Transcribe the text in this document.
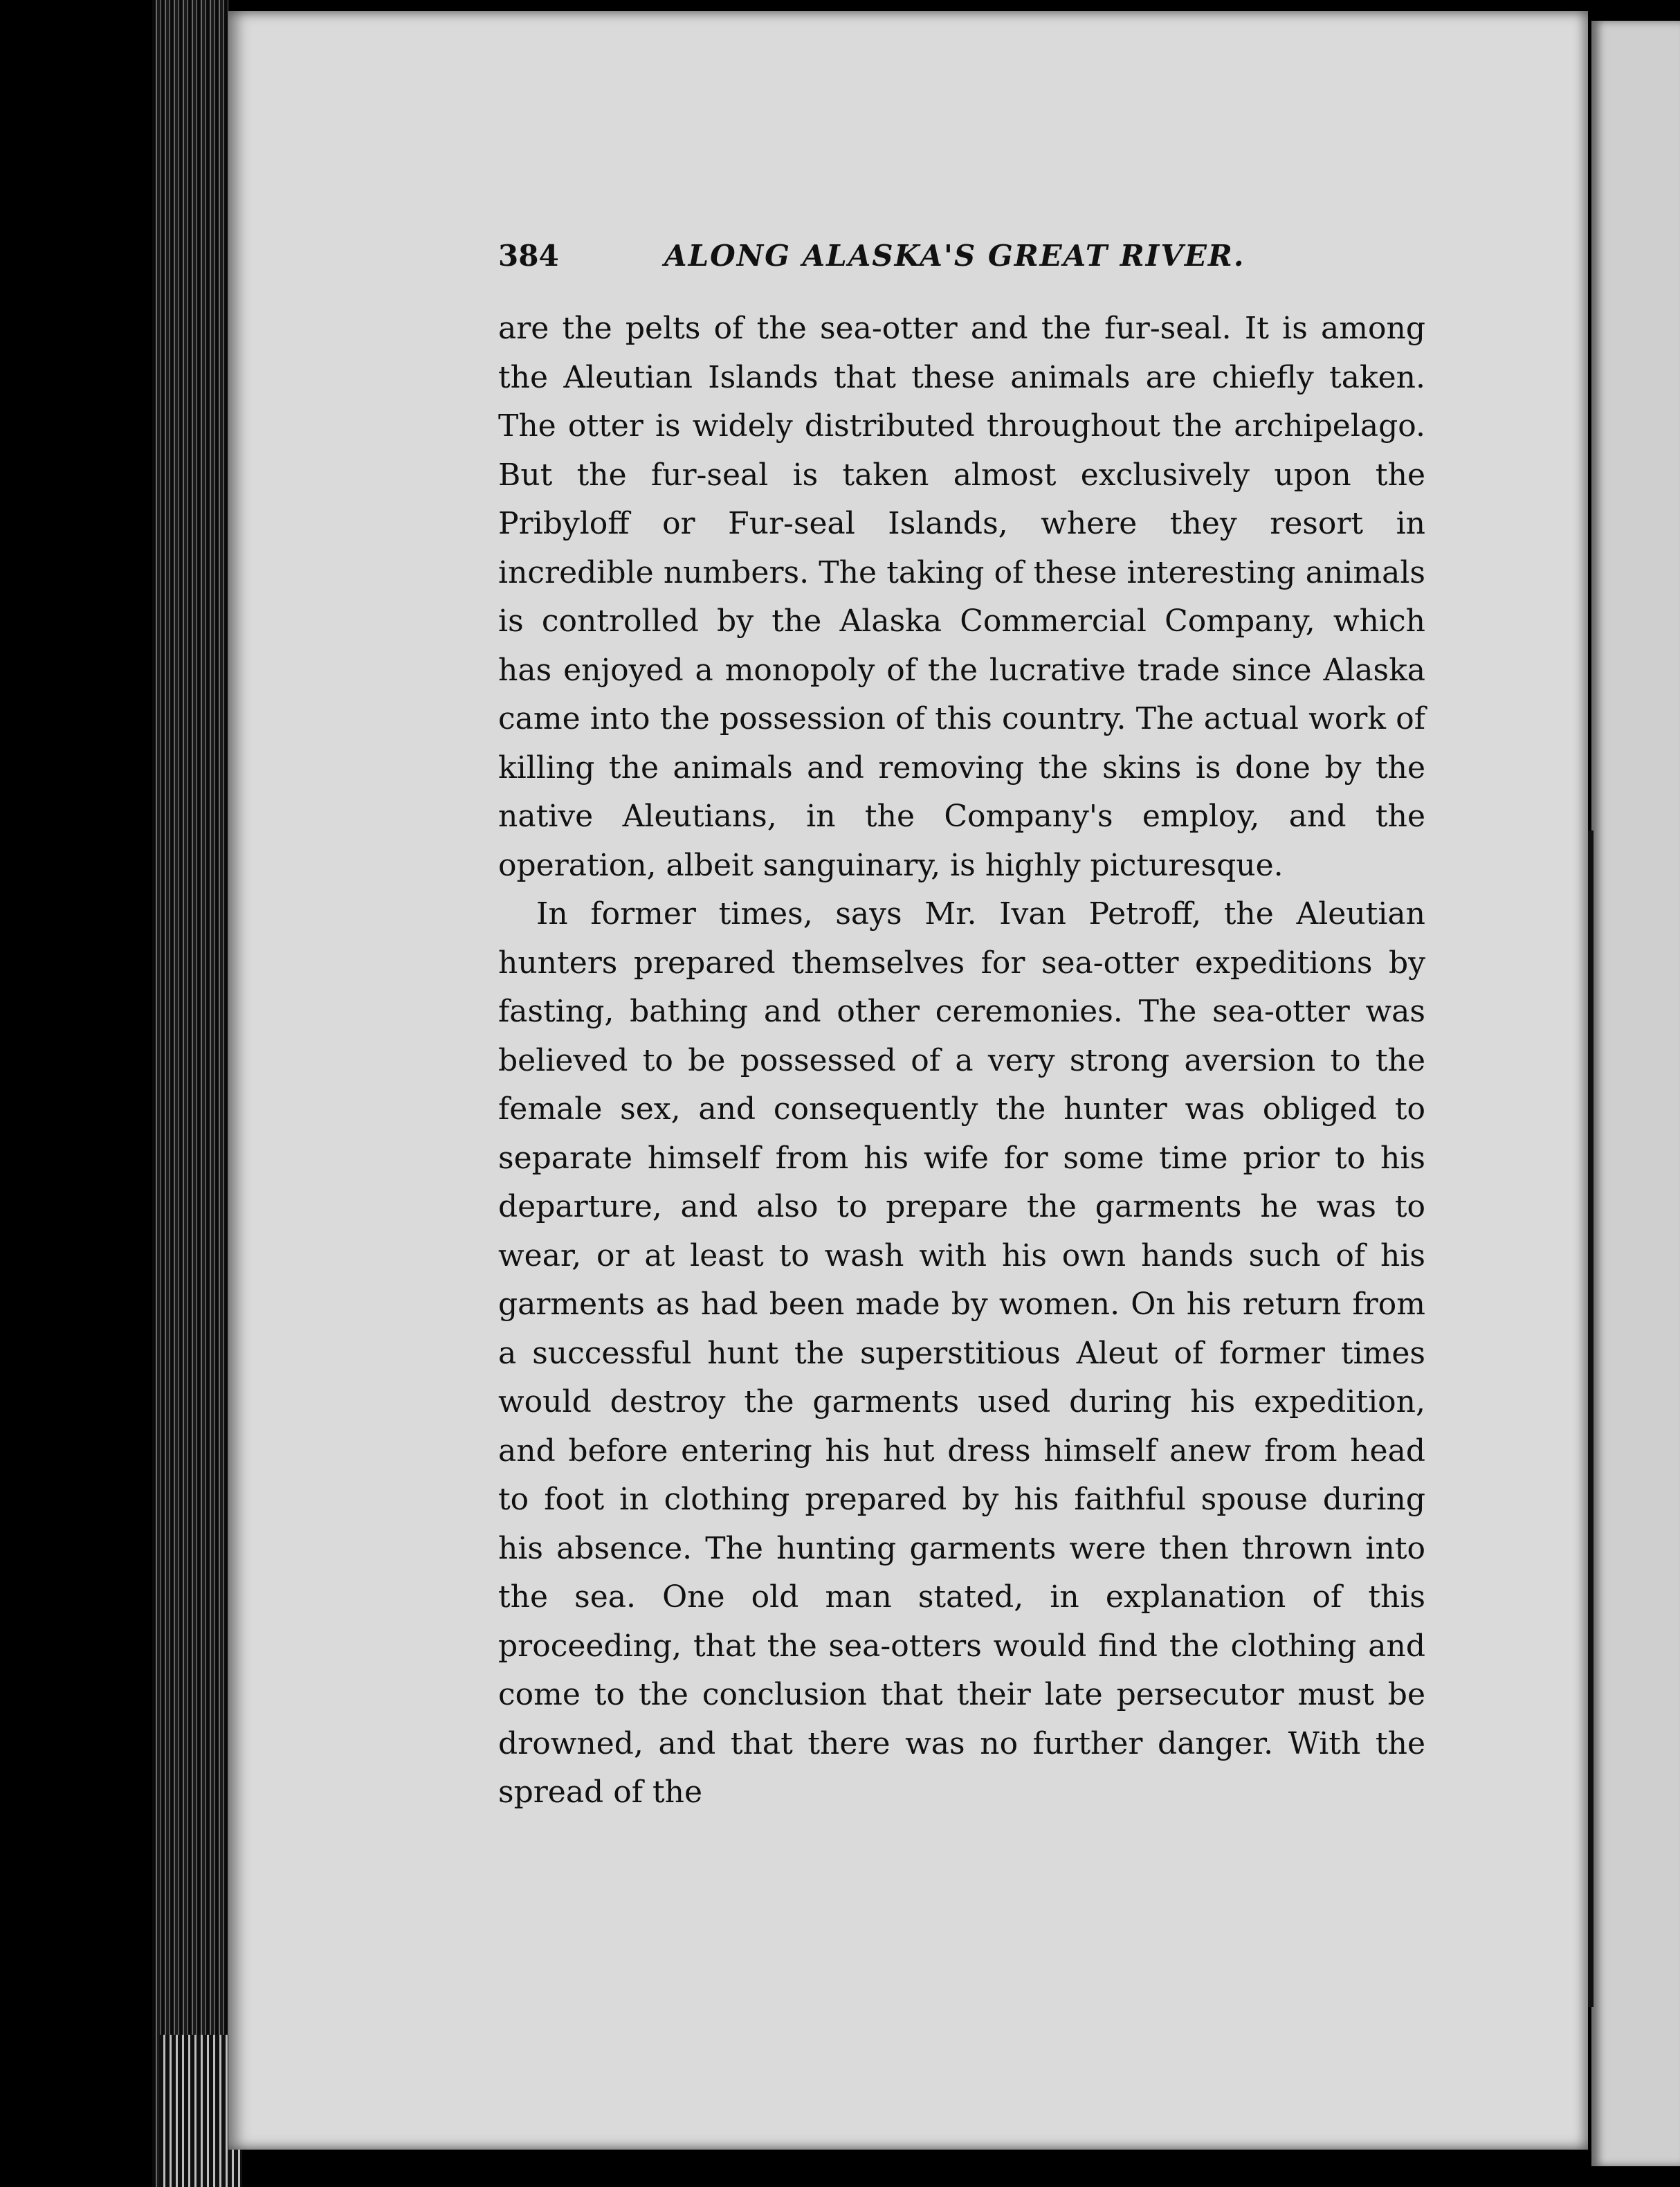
384	ALONG ALASKA'S GREAT RIVER.

are the pelts of the sea-otter and the fur-seal. It is among the Aleutian Islands that these animals are chiefly taken. The otter is widely distributed throughout the archipelago. But the fur-seal is taken almost exclusively upon the Pribyloff or Fur-seal Islands, where they resort in incredible numbers. The taking of these interesting animals is controlled by the Alaska Commercial Company, which has enjoyed a monopoly of the lucrative trade since Alaska came into the possession of this country. The actual work of killing the animals and removing the skins is done by the native Aleutians, in the Company's employ, and the operation, albeit sanguinary, is highly picturesque.

In former times, says Mr. Ivan Petroff, the Aleutian hunters prepared themselves for sea-otter expeditions by fasting, bathing and other ceremonies. The sea-otter was believed to be possessed of a very strong aversion to the female sex, and consequently the hunter was obliged to separate himself from his wife for some time prior to his departure, and also to prepare the garments he was to wear, or at least to wash with his own hands such of his garments as had been made by women. On his return from a successful hunt the superstitious Aleut of former times would destroy the garments used during his expedition, and before entering his hut dress himself anew from head to foot in clothing prepared by his faithful spouse during his absence. The hunting garments were then thrown into the sea. One old man stated, in explanation of this proceeding, that the sea-otters would find the clothing and come to the conclusion that their late persecutor must be drowned, and that there was no further danger. With the spread of the
